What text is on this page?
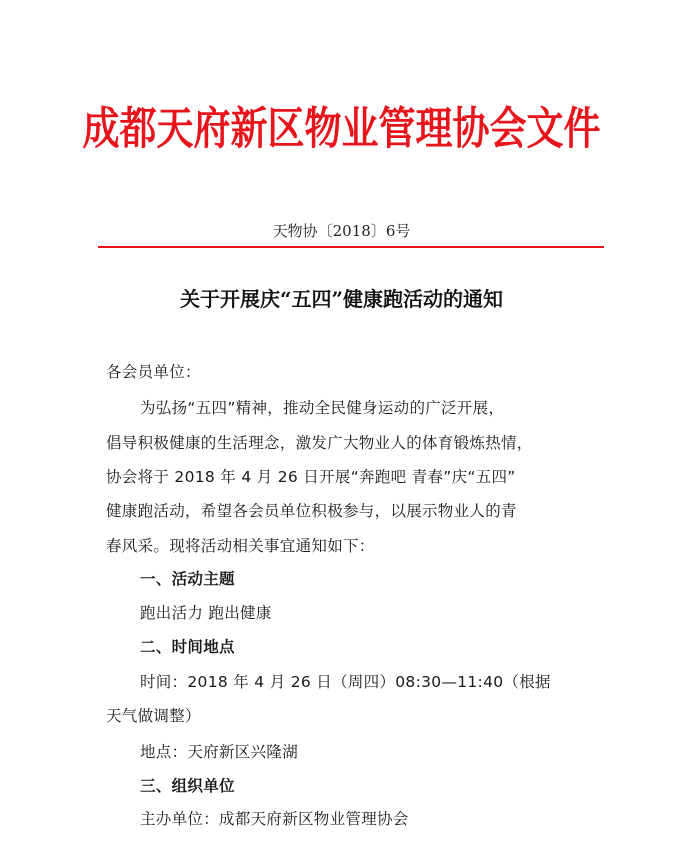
成都天府新区物业管理协会文件
天物协〔2018〕6号
关于开展庆“五四”健康跑活动的通知
各会员单位：
为弘扬“五四”精神，推动全民健身运动的广泛开展，
倡导积极健康的生活理念，激发广大物业人的体育锻炼热情，
协会将于 2018 年 4 月 26 日开展“奔跑吧 青春”庆“五四”
健康跑活动，希望各会员单位积极参与，以展示物业人的青
春风采。现将活动相关事宜通知如下：
一、活动主题
跑出活力 跑出健康
二、时间地点
时间：2018 年 4 月 26 日（周四）08:30—11:40（根据
天气做调整）
地点：天府新区兴隆湖
三、组织单位
主办单位：成都天府新区物业管理协会
